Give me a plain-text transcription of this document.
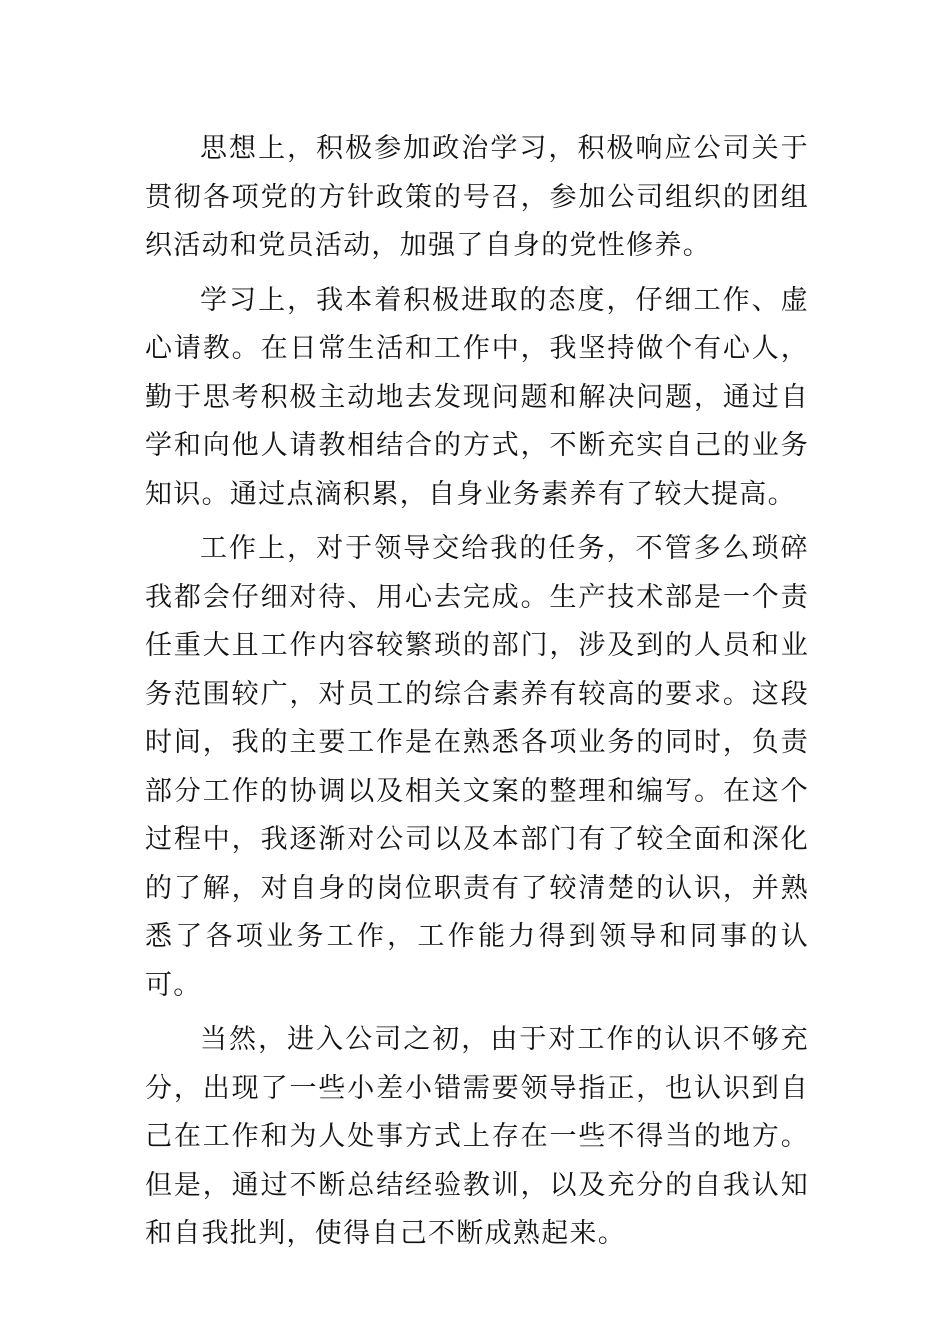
思想上，积极参加政治学习，积极响应公司关于贯彻各项党的方针政策的号召，参加公司组织的团组织活动和党员活动，加强了自身的党性修养。

学习上，我本着积极进取的态度，仔细工作、虚心请教。在日常生活和工作中，我坚持做个有心人，勤于思考积极主动地去发现问题和解决问题，通过自学和向他人请教相结合的方式，不断充实自己的业务知识。通过点滴积累，自身业务素养有了较大提高。

工作上，对于领导交给我的任务，不管多么琐碎我都会仔细对待、用心去完成。生产技术部是一个责任重大且工作内容较繁琐的部门，涉及到的人员和业务范围较广，对员工的综合素养有较高的要求。这段时间，我的主要工作是在熟悉各项业务的同时，负责部分工作的协调以及相关文案的整理和编写。在这个过程中，我逐渐对公司以及本部门有了较全面和深化的了解，对自身的岗位职责有了较清楚的认识，并熟悉了各项业务工作，工作能力得到领导和同事的认可。

当然，进入公司之初，由于对工作的认识不够充分，出现了一些小差小错需要领导指正，也认识到自己在工作和为人处事方式上存在一些不得当的地方。但是，通过不断总结经验教训，以及充分的自我认知和自我批判，使得自己不断成熟起来。
